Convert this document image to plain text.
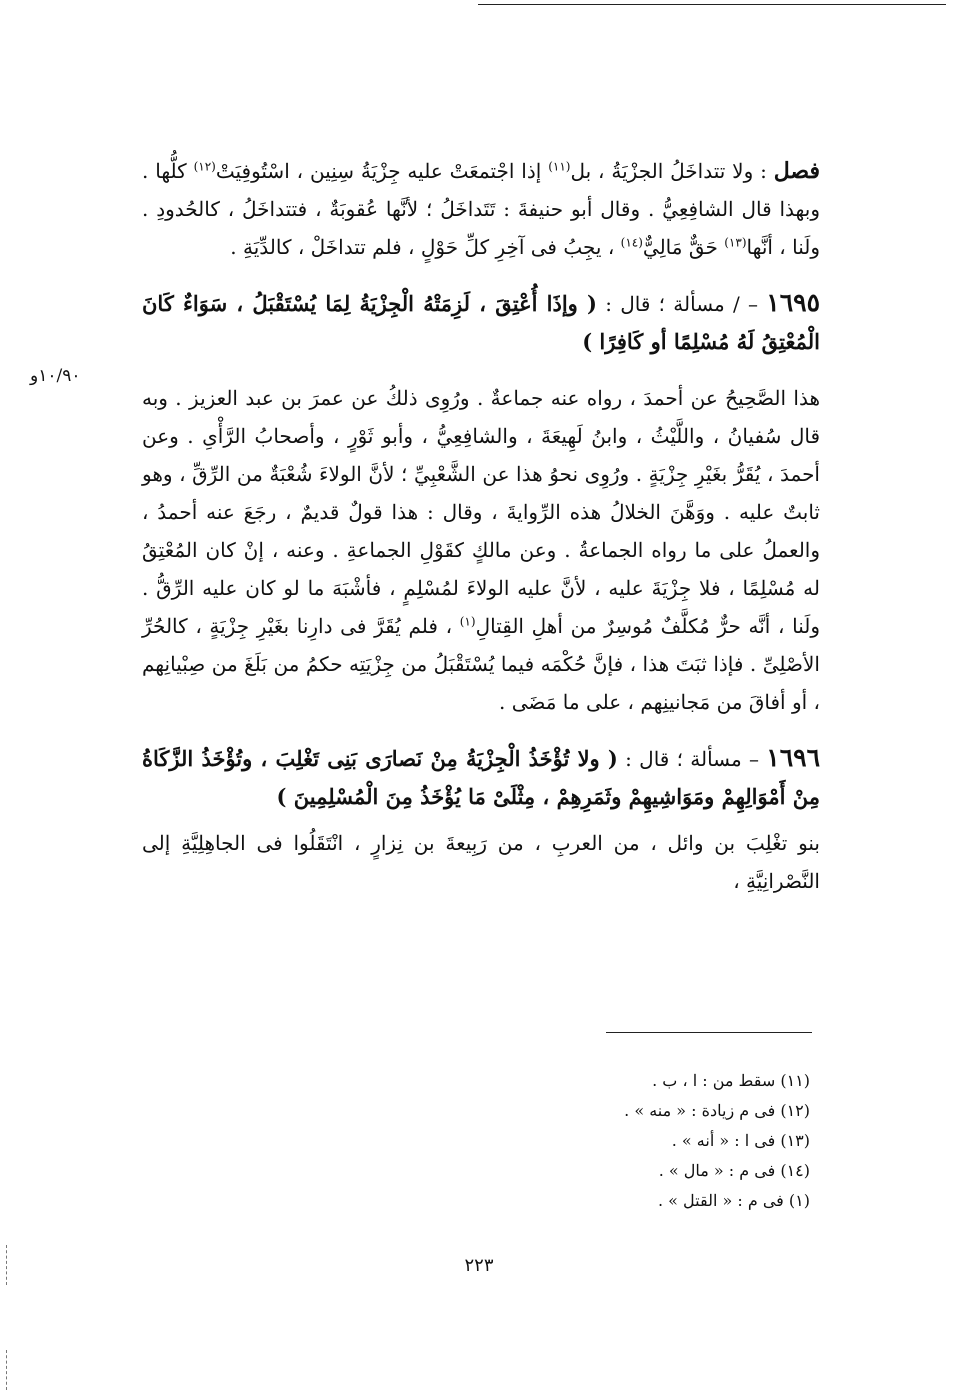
۱۰/۹۰و

فصل : ولا تتداخَلُ الجزْيَةُ ، بل$^{(١١)}$ إذا اجْتمعَتْ عليه جِزْيَةُ سِنِين ، اسْتُوفِيَتْ$^{(١٢)}$ كلُّها . وبهذا قال الشافِعِيُّ . وقال أبو حنيفةَ : تَتَداخَلُ ؛ لأنَّها عُقوبَةٌ ، فتتداخَلُ ، كالحُدودِ . ولَنا ، أنَّها$^{(١٣)}$ حَقٌّ مَالِيٌّ$^{(١٤)}$ ، يجِبُ فى آخِرِ كلِّ حَوْلٍ ، فلم تتداخَلْ ، كالدِّيَةِ .

١٦٩٥ – / مسألة ؛ قال : ( وإذَا أُعْتِقَ ، لَزِمَتْهُ الْجِزْيَةُ لِمَا يُسْتَقْبَلُ ، سَوَاءٌ كَانَ الْمُعْتِقُ لَهُ مُسْلِمًا أو كَافِرًا )

هذا الصَّحِيحُ عن أحمدَ ، رواه عنه جماعةٌ . ورُوِى ذلكُ عن عمرَ بن عبد العزيز . وبه قال سُفيانُ ، واللَّيْثُ ، وابنُ لَهِيعَةَ ، والشافِعِيُّ ، وأبو ثَوْرٍ ، وأصحابُ الرَّأْىِ . وعن أحمدَ ، يُقَرُّ بغَيْرِ جِزْيَةٍ . ورُوِى نحوُ هذا عن الشَّعْبِيِّ ؛ لأنَّ الولاءَ شُعْبَةٌ من الرِّقِّ ، وهو ثابتٌ عليه . ووَهَّنَ الخلالُ هذه الرِّوايةَ ، وقال : هذا قولٌ قديمٌ ، رجَعَ عنه أحمدُ ، والعملُ على ما رواه الجماعةُ . وعن مالكٍ كقَوْلِ الجماعةِ . وعنه ، إنْ كان المُعْتِقُ له مُسْلِمًا ، فلا جِزْيَةَ عليه ، لأنَّ عليه الولاءَ لمُسْلِمٍ ، فأشْبَهَ ما لو كان عليه الرِّقُّ . ولَنا ، أنَّه حرٌّ مُكلَّفٌ مُوسِرٌ من أهلِ القِتالِ$^{(١)}$ ، فلم يُقَرَّ فى دارِنا بغَيْرِ جِزْيَةٍ ، كالحُرِّ الأصْلِىِّ . فإذا ثبَتَ هذا ، فإنَّ حُكْمَه فيما يُسْتَقْبَلُ من جِزْيَتِه حكمُ من بَلَغَ من صِبْيانِهم ، أو أفاقَ من مَجانينِهم ، على ما مَضَى .

١٦٩٦ – مسألة ؛ قال : ( ولا تُؤْخَذُ الْجِزْيَةُ مِنْ نَصارَى بَنِى تَغْلِبَ ، وتُؤْخَذُ الزَّكَاةُ مِنْ أَمْوَالِهِمْ ومَوَاشِيهِمْ وثَمَرِهِمْ ، مِثْلَىْ مَا يُؤْخَذُ مِنَ الْمُسْلِمِينَ )

بنو تغْلِبَ بن وائل ، من العربِ ، من رَبِيعةَ بن نِزارٍ ، انْتَقَلُوا فى الجاهِلِيَّةِ إلى النَّصْرانِيَّةِ ،

(١١) سقط من : ا ، ب .
(١٢) فى م زيادة : « منه » .
(١٣) فى ا : « أنه » .
(١٤) فى م : « مال » .
(١) فى م : « القتل » .
٢٢٣
